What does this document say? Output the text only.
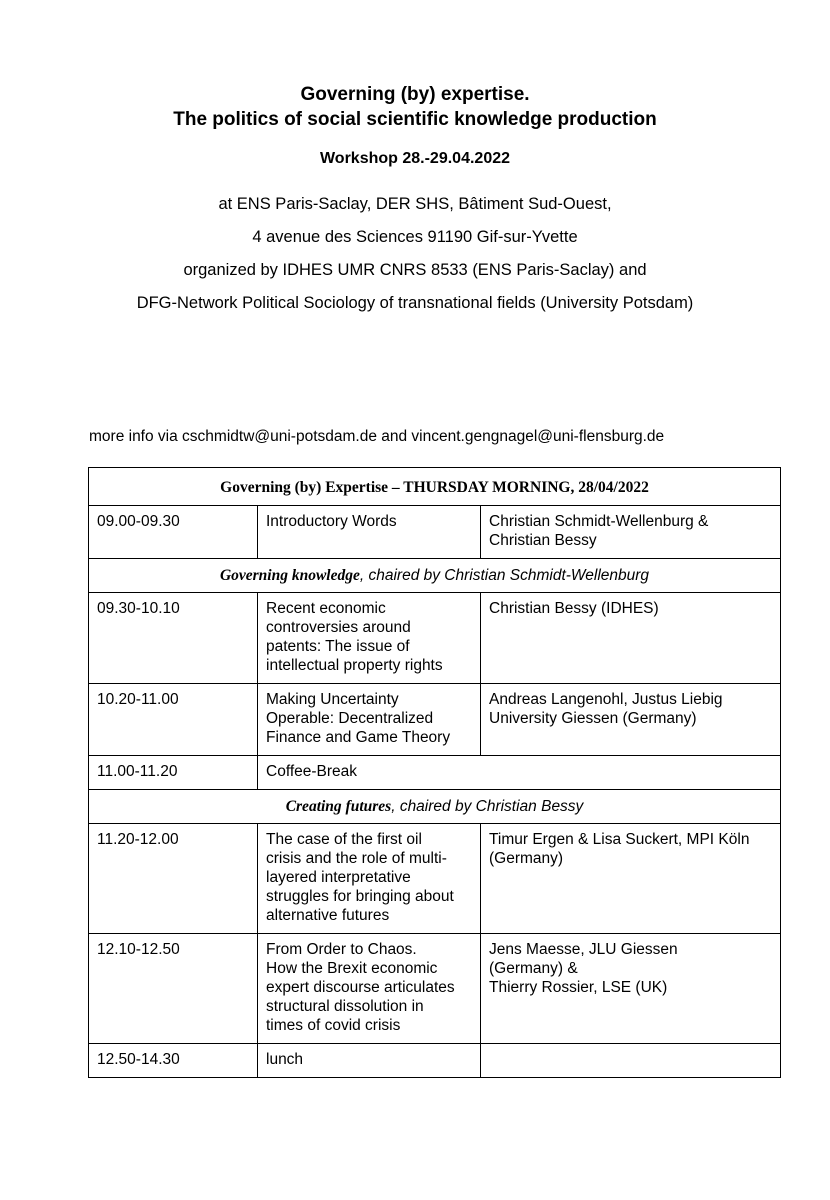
Governing (by) expertise.
The politics of social scientific knowledge production
Workshop 28.-29.04.2022
at ENS Paris-Saclay, DER SHS, Bâtiment Sud-Ouest,
4 avenue des Sciences 91190 Gif-sur-Yvette
organized by IDHES UMR CNRS 8533 (ENS Paris-Saclay) and
DFG-Network Political Sociology of transnational fields (University Potsdam)
more info via cschmidtw@uni-potsdam.de and vincent.gengnagel@uni-flensburg.de
Governing (by) Expertise – THURSDAY MORNING, 28/04/2022		
09.00-09.30	Introductory Words	Christian Schmidt-Wellenburg &
Christian Bessy

Governing knowledge, chaired by Christian Schmidt-Wellenburg		
09.30-10.10	Recent economic
controversies around
patents: The issue of
intellectual property rights	Christian Bessy (IDHES)

10.20-11.00	Making Uncertainty
Operable: Decentralized
Finance and Game Theory	Andreas Langenohl, Justus Liebig
University Giessen (Germany)

11.00-11.20	Coffee-Break	
Creating futures, chaired by Christian Bessy		
11.20-12.00	The case of the first oil
crisis and the role of multi-
layered interpretative
struggles for bringing about
alternative futures	Timur Ergen & Lisa Suckert, MPI Köln
(Germany)

12.10-12.50	From Order to Chaos.
How the Brexit economic
expert discourse articulates
structural dissolution in
times of covid crisis	Jens Maesse, JLU Giessen
(Germany) &
Thierry Rossier, LSE (UK)

12.50-14.30	lunch	
